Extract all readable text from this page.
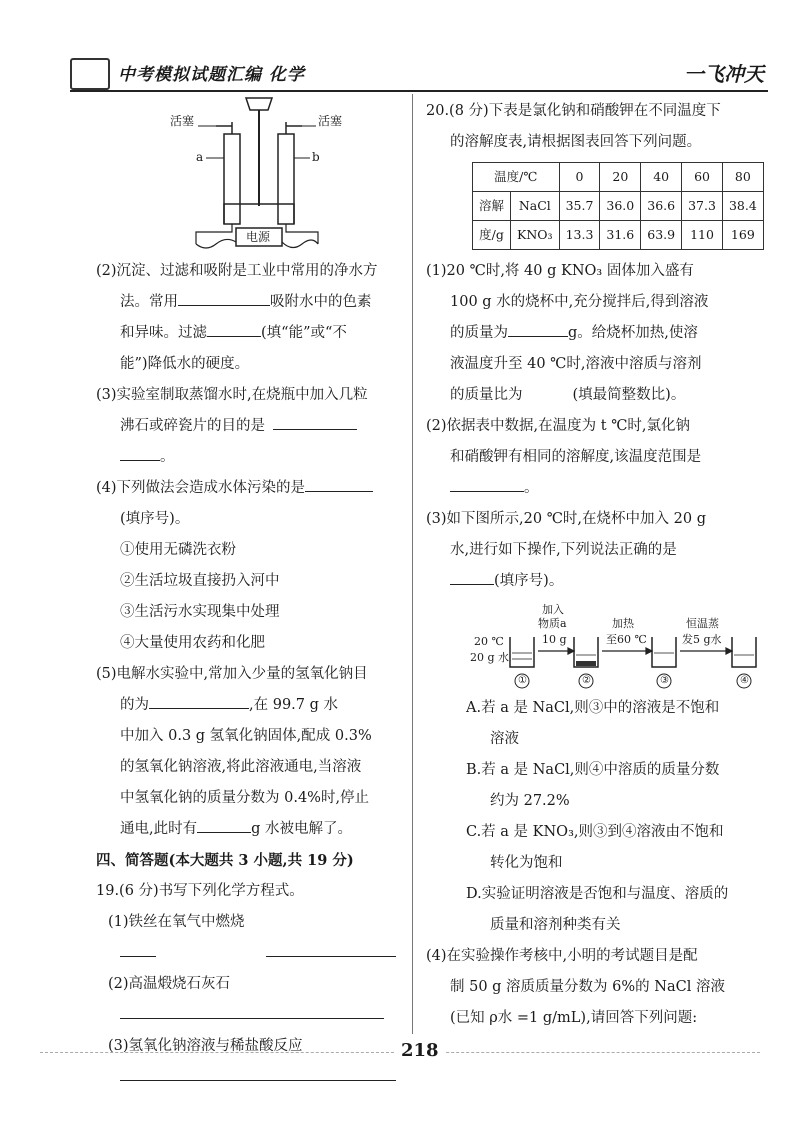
中考模拟试题汇编 化学	一飞冲天
活塞	活塞
a	b
电源
(2)沉淀、过滤和吸附是工业中常用的净水方
法。常用	吸附水中的色素
和异味。过滤	(填“能”或“不
能”)降低水的硬度。
(3)实验室制取蒸馏水时,在烧瓶中加入几粒
沸石或碎瓷片的目的是
。
(4)下列做法会造成水体污染的是
(填序号)。
①使用无磷洗衣粉
②生活垃圾直接扔入河中
③生活污水实现集中处理
④大量使用农药和化肥
(5)电解水实验中,常加入少量的氢氧化钠目
的为	,在 99.7 g 水
中加入 0.3 g 氢氧化钠固体,配成 0.3%
的氢氧化钠溶液,将此溶液通电,当溶液
中氢氧化钠的质量分数为 0.4%时,停止
通电,此时有	g 水被电解了。
四、简答题(本大题共 3 小题,共 19 分)
19.(6 分)书写下列化学方程式。
(1)铁丝在氧气中燃烧
(2)高温煅烧石灰石
(3)氢氧化钠溶液与稀盐酸反应
20.(8 分)下表是氯化钠和硝酸钾在不同温度下
的溶解度表,请根据图表回答下列问题。
温度/℃		0	20	40	60	80
溶解	NaCl	35.7	36.0	36.6	37.3	38.4
度/g	KNO₃	13.3	31.6	63.9	110	169
(1)20 ℃时,将 40 g KNO₃ 固体加入盛有
100 g 水的烧杯中,充分搅拌后,得到溶液
的质量为	g。给烧杯加热,使溶
液温度升至 40 ℃时,溶液中溶质与溶剂
的质量比为	(填最简整数比)。
(2)依据表中数据,在温度为 t ℃时,氯化钠
和硝酸钾有相同的溶解度,该温度范围是
。
(3)如下图所示,20 ℃时,在烧杯中加入 20 g
水,进行如下操作,下列说法正确的是
(填序号)。
20 ℃
20 g 水
加入
物质a
10 g
加热
至60 ℃
恒温蒸
发5 g水
①	②	③	④
A.若 a 是 NaCl,则③中的溶液是不饱和
溶液
B.若 a 是 NaCl,则④中溶质的质量分数
约为 27.2%
C.若 a 是 KNO₃,则③到④溶液由不饱和
转化为饱和
D.实验证明溶液是否饱和与温度、溶质的
质量和溶剂种类有关
(4)在实验操作考核中,小明的考试题目是配
制 50 g 溶质质量分数为 6%的 NaCl 溶液
(已知 ρ水 =1 g/mL),请回答下列问题:
218
